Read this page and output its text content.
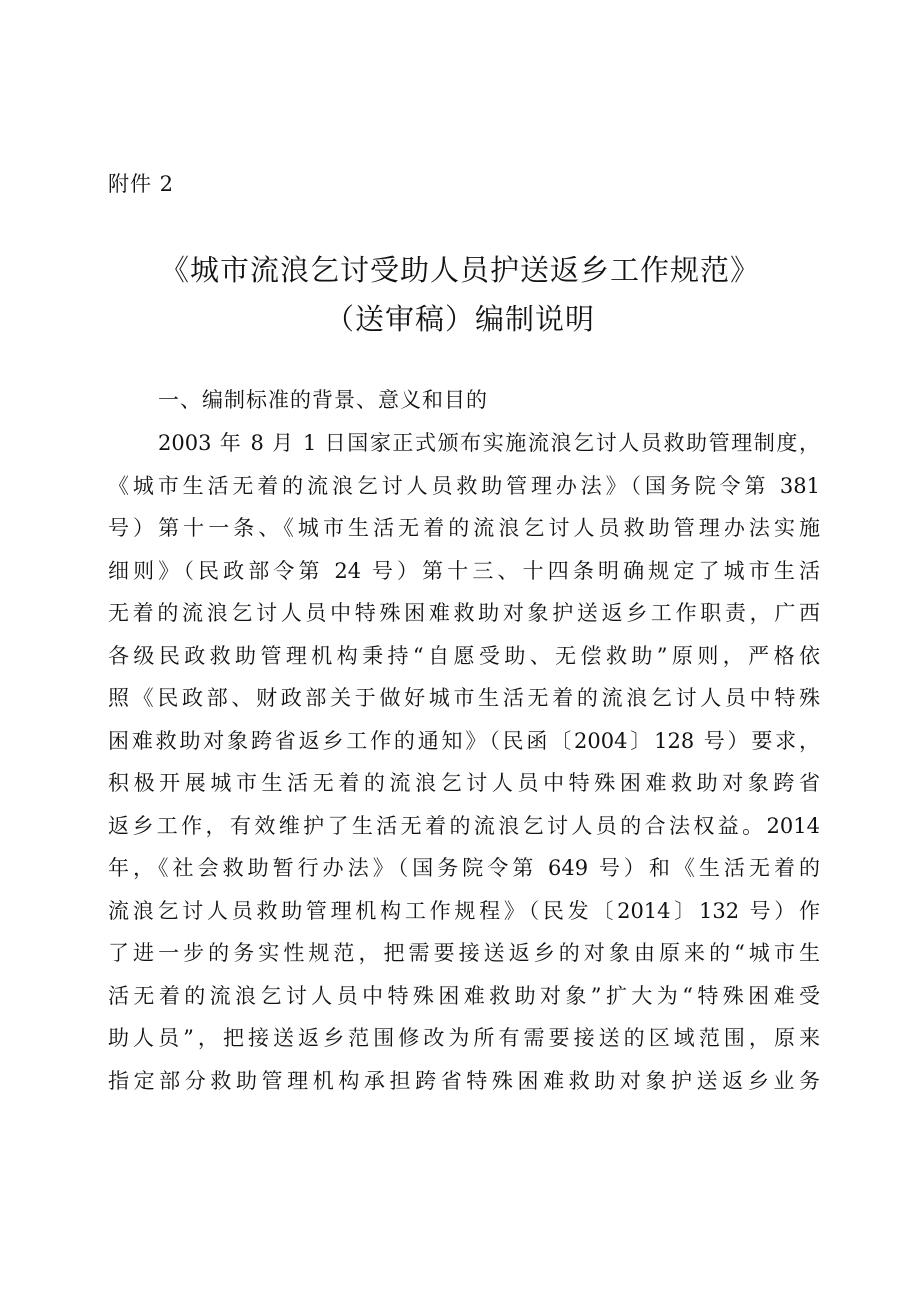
附件 2
《城市流浪乞讨受助人员护送返乡工作规范》
（送审稿）编制说明
一、编制标准的背景、意义和目的
2003 年 8 月 1 日国家正式颁布实施流浪乞讨人员救助管理制度，
《城市生活无着的流浪乞讨人员救助管理办法》（国务院令第 381
号）第十一条、《城市生活无着的流浪乞讨人员救助管理办法实施
细则》（民政部令第 24 号）第十三、十四条明确规定了城市生活
无着的流浪乞讨人员中特殊困难救助对象护送返乡工作职责，广西
各级民政救助管理机构秉持“自愿受助、无偿救助”原则，严格依
照《民政部、财政部关于做好城市生活无着的流浪乞讨人员中特殊
困难救助对象跨省返乡工作的通知》（民函〔2004〕128 号）要求，
积极开展城市生活无着的流浪乞讨人员中特殊困难救助对象跨省
返乡工作，有效维护了生活无着的流浪乞讨人员的合法权益。2014
年，《社会救助暂行办法》（国务院令第 649 号）和《生活无着的
流浪乞讨人员救助管理机构工作规程》（民发〔2014〕132 号）作
了进一步的务实性规范，把需要接送返乡的对象由原来的“城市生
活无着的流浪乞讨人员中特殊困难救助对象”扩大为“特殊困难受
助人员”，把接送返乡范围修改为所有需要接送的区域范围，原来
指定部分救助管理机构承担跨省特殊困难救助对象护送返乡业务
